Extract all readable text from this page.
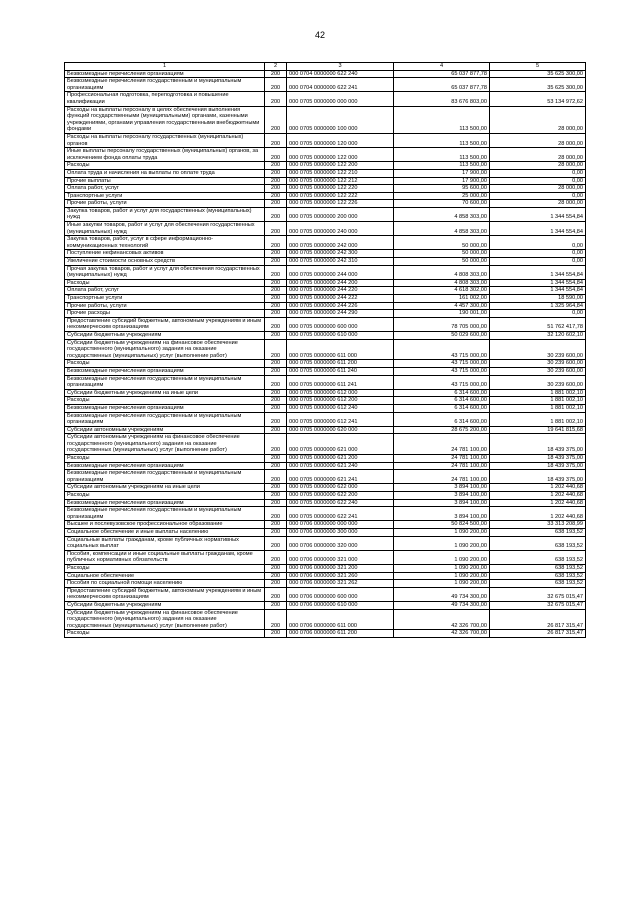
42
1	2	3	4	5
Безвозмездные перечисления организациям	200	000 0704 0000000 622 240	65 037 877,78	35 625 300,00
Безвозмездные перечисления государственным и муниципальным организациям	200	000 0704 0000000 622 241	65 037 877,78	35 625 300,00
Профессиональная подготовка, переподготовка и повышение квалификации	200	000 0705 0000000 000 000	83 676 803,00	53 134 972,62
Расходы на выплаты персоналу в целях обеспечения выполнения функций государственными (муниципальными) органами, казенными учреждениями, органами управления государственными внебюджетными фондами	200	000 0705 0000000 100 000	113 500,00	28 000,00
Расходы на выплаты персоналу государственных (муниципальных) органов	200	000 0705 0000000 120 000	113 500,00	28 000,00
Иные выплаты персоналу государственных (муниципальных) органов, за исключением фонда оплаты труда	200	000 0705 0000000 122 000	113 500,00	28 000,00
Расходы	200	000 0705 0000000 122 200	113 500,00	28 000,00
Оплата труда и начисления на выплаты по оплате труда	200	000 0705 0000000 122 210	17 900,00	0,00
Прочие выплаты	200	000 0705 0000000 122 212	17 900,00	0,00
Оплата работ, услуг	200	000 0705 0000000 122 220	95 600,00	28 000,00
Транспортные услуги	200	000 0705 0000000 122 222	25 000,00	0,00
Прочие работы, услуги	200	000 0705 0000000 122 226	70 600,00	28 000,00
Закупка товаров, работ и услуг для государственных (муниципальных) нужд	200	000 0705 0000000 200 000	4 858 303,00	1 344 554,84
Иные закупки товаров, работ и услуг для обеспечения государственных (муниципальных) нужд	200	000 0705 0000000 240 000	4 858 303,00	1 344 554,84
Закупка товаров, работ, услуг в сфере информационно-коммуникационных технологий	200	000 0705 0000000 242 000	50 000,00	0,00
Поступление нефинансовых активов	200	000 0705 0000000 242 300	50 000,00	0,00
Увеличение стоимости основных средств	200	000 0705 0000000 242 310	50 000,00	0,00
Прочая закупка товаров, работ и услуг для обеспечения государственных (муниципальных) нужд	200	000 0705 0000000 244 000	4 808 303,00	1 344 554,84
Расходы	200	000 0705 0000000 244 200	4 808 303,00	1 344 554,84
Оплата работ, услуг	200	000 0705 0000000 244 220	4 618 302,00	1 344 554,84
Транспортные услуги	200	000 0705 0000000 244 222	161 002,00	18 590,00
Прочие работы, услуги	200	000 0705 0000000 244 226	4 457 300,00	1 325 964,84
Прочие расходы	200	000 0705 0000000 244 290	190 001,00	0,00
Предоставление субсидий бюджетным, автономным учреждениям и иным некоммерческим организациям	200	000 0705 0000000 600 000	78 705 000,00	51 762 417,78
Субсидии бюджетным учреждениям	200	000 0705 0000000 610 000	50 029 600,00	32 120 602,10
Субсидии бюджетным учреждениям на финансовое обеспечение государственного (муниципального) задания на оказание государственных (муниципальных) услуг (выполнение работ)	200	000 0705 0000000 611 000	43 715 000,00	30 239 600,00
Расходы	200	000 0705 0000000 611 200	43 715 000,00	30 239 600,00
Безвозмездные перечисления организациям	200	000 0705 0000000 611 240	43 715 000,00	30 239 600,00
Безвозмездные перечисления государственным и муниципальным организациям	200	000 0705 0000000 611 241	43 715 000,00	30 239 600,00
Субсидии бюджетным учреждениям на иные цели	200	000 0705 0000000 612 000	6 314 600,00	1 881 002,10
Расходы	200	000 0705 0000000 612 200	6 314 600,00	1 881 002,10
Безвозмездные перечисления организациям	200	000 0705 0000000 612 240	6 314 600,00	1 881 002,10
Безвозмездные перечисления государственным и муниципальным организациям	200	000 0705 0000000 612 241	6 314 600,00	1 881 002,10
Субсидии автономным учреждениям	200	000 0705 0000000 620 000	28 675 200,00	19 641 815,68
Субсидии автономным учреждениям на финансовое обеспечение государственного (муниципального) задания на оказание государственных (муниципальных) услуг (выполнение работ)	200	000 0705 0000000 621 000	24 781 100,00	18 439 375,00
Расходы	200	000 0705 0000000 621 200	24 781 100,00	18 439 375,00
Безвозмездные перечисления организациям	200	000 0705 0000000 621 240	24 781 100,00	18 439 375,00
Безвозмездные перечисления государственным и муниципальным организациям	200	000 0705 0000000 621 241	24 781 100,00	18 439 375,00
Субсидии автономным учреждениям на иные цели	200	000 0705 0000000 622 000	3 894 100,00	1 202 440,68
Расходы	200	000 0705 0000000 622 200	3 894 100,00	1 202 440,68
Безвозмездные перечисления организациям	200	000 0705 0000000 622 240	3 894 100,00	1 202 440,68
Безвозмездные перечисления государственным и муниципальным организациям	200	000 0705 0000000 622 241	3 894 100,00	1 202 440,68
Высшее и послевузовское профессиональное образование	200	000 0706 0000000 000 000	50 824 500,00	33 313 208,99
Социальное обеспечение и иные выплаты населению	200	000 0706 0000000 300 000	1 090 200,00	638 193,52
Социальные выплаты гражданам, кроме публичных нормативных социальных выплат	200	000 0706 0000000 320 000	1 090 200,00	638 193,52
Пособия, компенсации и иные социальные выплаты гражданам, кроме публичных нормативных обязательств	200	000 0706 0000000 321 000	1 090 200,00	638 193,52
Расходы	200	000 0706 0000000 321 200	1 090 200,00	638 193,52
Социальное обеспечение	200	000 0706 0000000 321 260	1 090 200,00	638 193,52
Пособия по социальной помощи населению	200	000 0706 0000000 321 262	1 090 200,00	638 193,52
Предоставление субсидий бюджетным, автономным учреждениям и иным некоммерческим организациям	200	000 0706 0000000 600 000	49 734 300,00	32 675 015,47
Субсидии бюджетным учреждениям	200	000 0706 0000000 610 000	49 734 300,00	32 675 015,47
Субсидии бюджетным учреждениям на финансовое обеспечение государственного (муниципального) задания на оказание государственных (муниципальных) услуг (выполнение работ)	200	000 0706 0000000 611 000	42 326 700,00	26 817 315,47
Расходы	200	000 0706 0000000 611 200	42 326 700,00	26 817 315,47
